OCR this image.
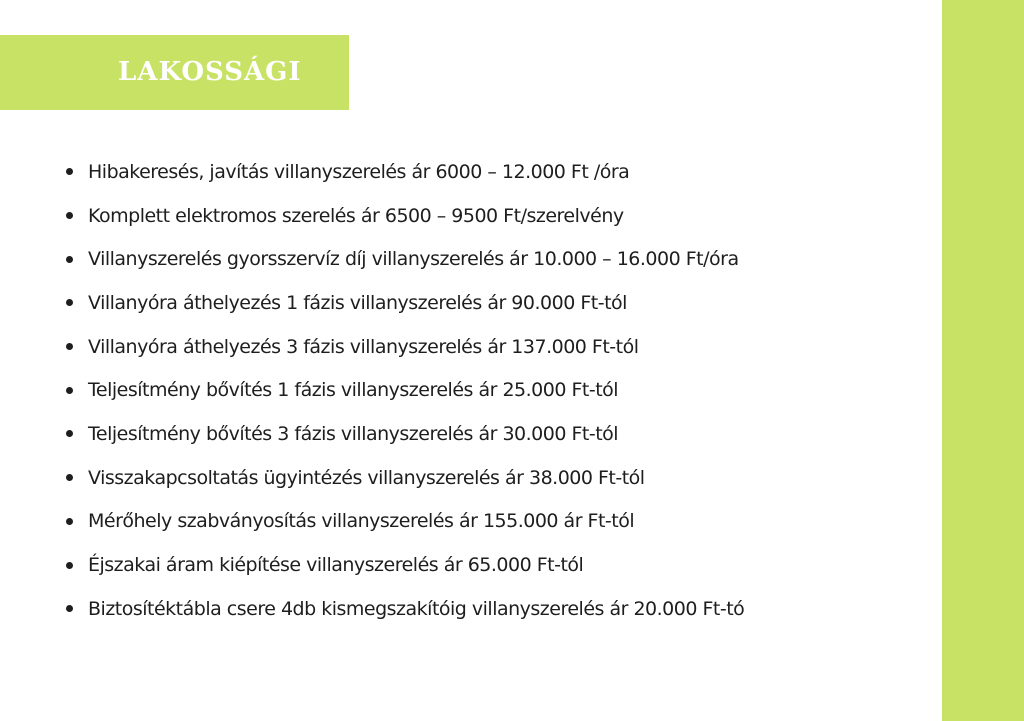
LAKOSSÁGI
Hibakeresés, javítás villanyszerelés ár 6000 – 12.000 Ft /óra
Komplett elektromos szerelés ár 6500 – 9500 Ft/szerelvény
Villanyszerelés gyorsszervíz díj villanyszerelés ár 10.000 – 16.000 Ft/óra
Villanyóra áthelyezés 1 fázis villanyszerelés ár 90.000 Ft-tól
Villanyóra áthelyezés 3 fázis villanyszerelés ár 137.000 Ft-tól
Teljesítmény bővítés 1 fázis villanyszerelés ár 25.000 Ft-tól
Teljesítmény bővítés 3 fázis villanyszerelés ár 30.000 Ft-tól
Visszakapcsoltatás ügyintézés villanyszerelés ár 38.000 Ft-tól
Mérőhely szabványosítás villanyszerelés ár 155.000 ár Ft-tól
Éjszakai áram kiépítése villanyszerelés ár 65.000 Ft-tól
Biztosítéktábla csere 4db kismegszakítóig villanyszerelés ár 20.000 Ft-tó
